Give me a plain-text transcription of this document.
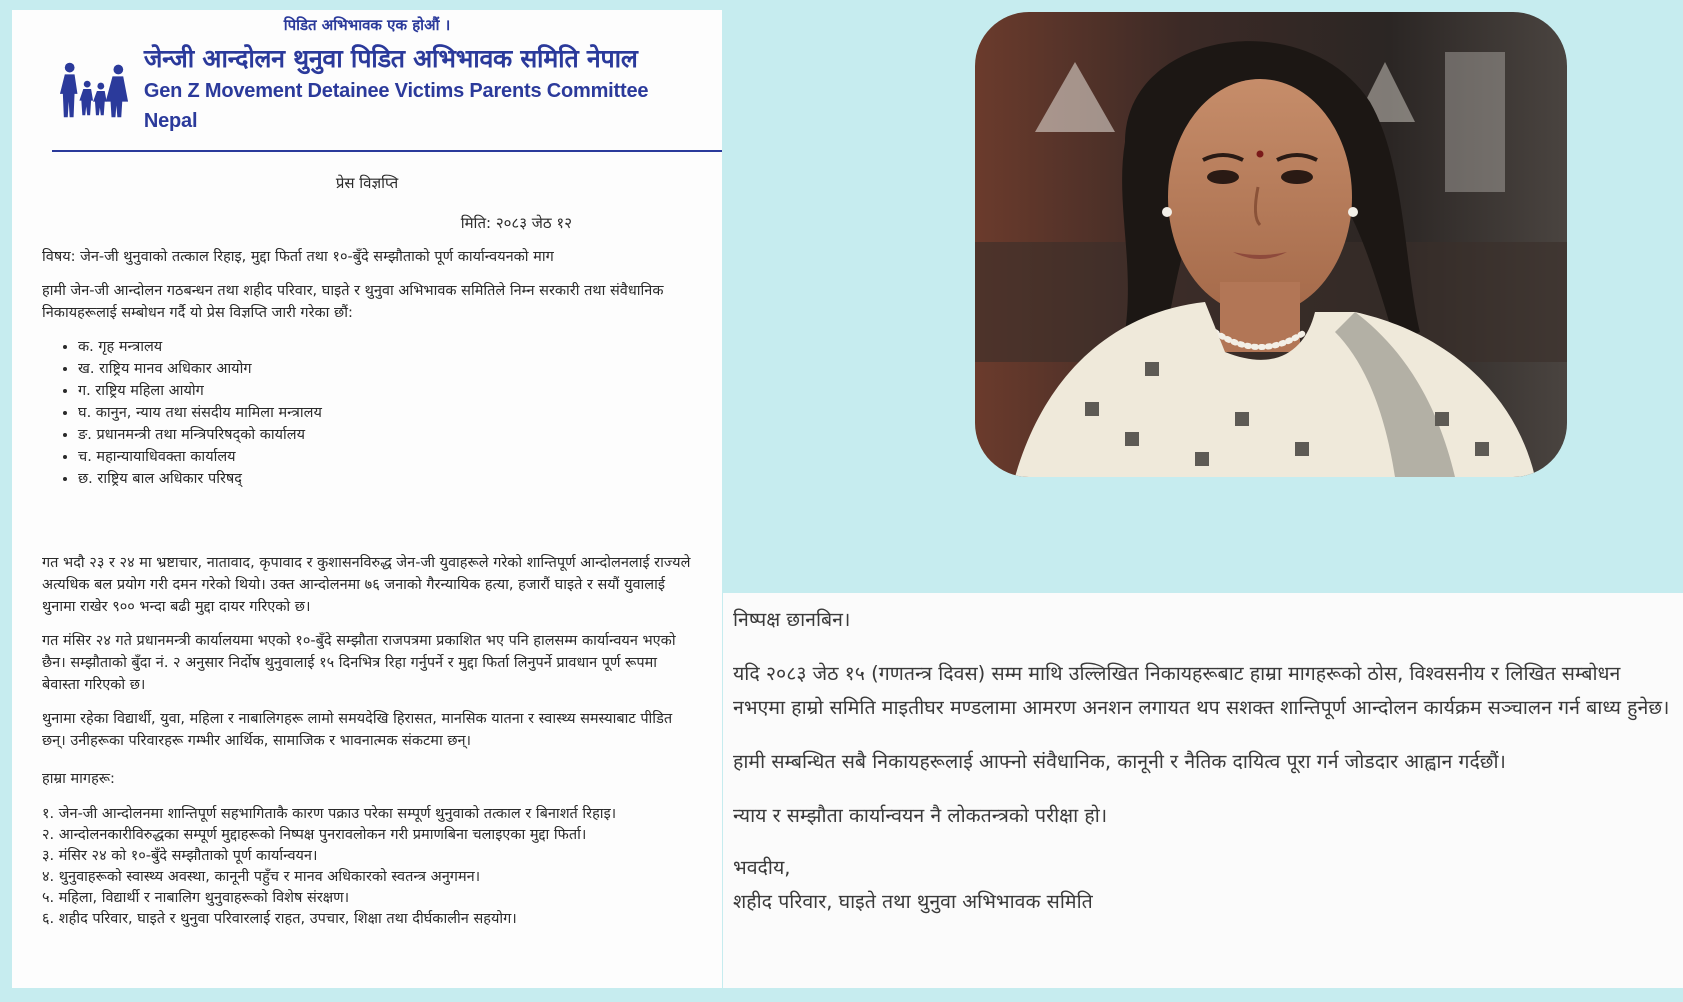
पिडित अभिभावक एक होऔं ।
जेन्जी आन्दोलन थुनुवा पिडित अभिभावक समिति नेपाल
Gen Z Movement Detainee Victims Parents Committee Nepal
प्रेस विज्ञप्ति
मिति: २०८३ जेठ १२

विषय: जेन-जी थुनुवाको तत्काल रिहाइ, मुद्दा फिर्ता तथा १०-बुँदे सम्झौताको पूर्ण कार्यान्वयनको माग

हामी जेन-जी आन्दोलन गठबन्धन तथा शहीद परिवार, घाइते र थुनुवा अभिभावक समितिले निम्न सरकारी तथा संवैधानिक निकायहरूलाई सम्बोधन गर्दै यो प्रेस विज्ञप्ति जारी गरेका छौं:

• क. गृह मन्त्रालय
• ख. राष्ट्रिय मानव अधिकार आयोग
• ग. राष्ट्रिय महिला आयोग
• घ. कानुन, न्याय तथा संसदीय मामिला मन्त्रालय
• ङ. प्रधानमन्त्री तथा मन्त्रिपरिषद्को कार्यालय
• च. महान्यायाधिवक्ता कार्यालय
• छ. राष्ट्रिय बाल अधिकार परिषद्

गत भदौ २३ र २४ मा भ्रष्टाचार, नातावाद, कृपावाद र कुशासनविरुद्ध जेन-जी युवाहरूले गरेको शान्तिपूर्ण आन्दोलनलाई राज्यले अत्यधिक बल प्रयोग गरी दमन गरेको थियो। उक्त आन्दोलनमा ७६ जनाको गैरन्यायिक हत्या, हजारौं घाइते र सयौं युवालाई थुनामा राखेर ९०० भन्दा बढी मुद्दा दायर गरिएको छ।

गत मंसिर २४ गते प्रधानमन्त्री कार्यालयमा भएको १०-बुँदे सम्झौता राजपत्रमा प्रकाशित भए पनि हालसम्म कार्यान्वयन भएको छैन। सम्झौताको बुँदा नं. २ अनुसार निर्दोष थुनुवालाई १५ दिनभित्र रिहा गर्नुपर्ने र मुद्दा फिर्ता लिनुपर्ने प्रावधान पूर्ण रूपमा बेवास्ता गरिएको छ।

थुनामा रहेका विद्यार्थी, युवा, महिला र नाबालिगहरू लामो समयदेखि हिरासत, मानसिक यातना र स्वास्थ्य समस्याबाट पीडित छन्। उनीहरूका परिवारहरू गम्भीर आर्थिक, सामाजिक र भावनात्मक संकटमा छन्।

हाम्रा मागहरू:
१. जेन-जी आन्दोलनमा शान्तिपूर्ण सहभागिताकै कारण पक्राउ परेका सम्पूर्ण थुनुवाको तत्काल र बिनाशर्त रिहाइ।
२. आन्दोलनकारीविरुद्धका सम्पूर्ण मुद्दाहरूको निष्पक्ष पुनरावलोकन गरी प्रमाणबिना चलाइएका मुद्दा फिर्ता।
३. मंसिर २४ को १०-बुँदे सम्झौताको पूर्ण कार्यान्वयन।
४. थुनुवाहरूको स्वास्थ्य अवस्था, कानूनी पहुँच र मानव अधिकारको स्वतन्त्र अनुगमन।
५. महिला, विद्यार्थी र नाबालिग थुनुवाहरूको विशेष संरक्षण।
६. शहीद परिवार, घाइते र थुनुवा परिवारलाई राहत, उपचार, शिक्षा तथा दीर्घकालीन सहयोग।

निष्पक्ष छानबिन।

यदि २०८३ जेठ १५ (गणतन्त्र दिवस) सम्म माथि उल्लिखित निकायहरूबाट हाम्रा मागहरूको ठोस, विश्वसनीय र लिखित सम्बोधन नभएमा हाम्रो समिति माइतीघर मण्डलामा आमरण अनशन लगायत थप सशक्त शान्तिपूर्ण आन्दोलन कार्यक्रम सञ्चालन गर्न बाध्य हुनेछ।

हामी सम्बन्धित सबै निकायहरूलाई आफ्नो संवैधानिक, कानूनी र नैतिक दायित्व पूरा गर्न जोडदार आह्वान गर्दछौं।

न्याय र सम्झौता कार्यान्वयन नै लोकतन्त्रको परीक्षा हो।

भवदीय,

शहीद परिवार, घाइते तथा थुनुवा अभिभावक समिति
